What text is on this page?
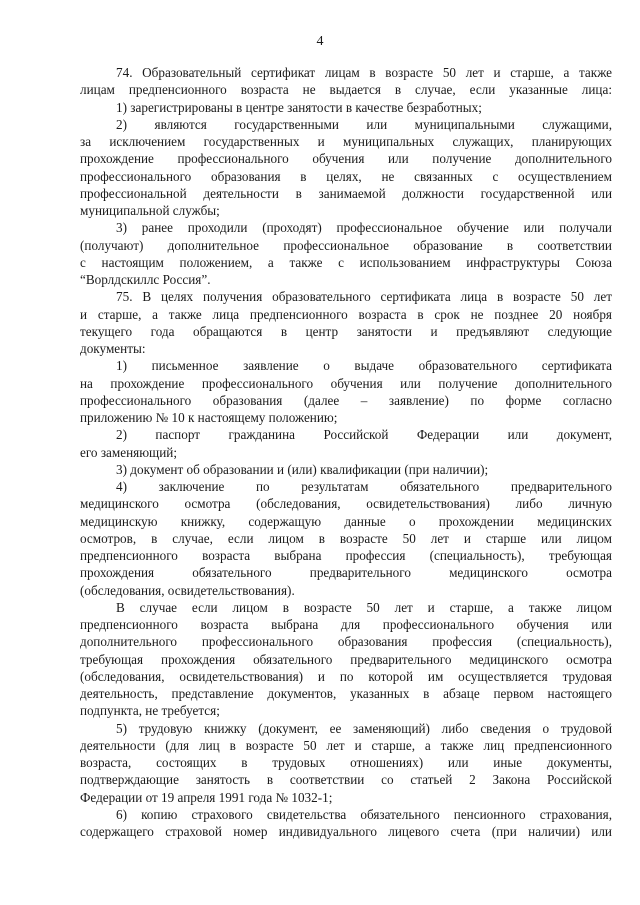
4
74. Образовательный сертификат лицам в возрасте 50 лет и старше, а также
лицам предпенсионного возраста не выдается в случае, если указанные лица:
1) зарегистрированы в центре занятости в качестве безработных;
2) являются государственными или муниципальными служащими,
за исключением государственных и муниципальных служащих, планирующих
прохождение профессионального обучения или получение дополнительного
профессионального образования в целях, не связанных с осуществлением
профессиональной деятельности в занимаемой должности государственной или
муниципальной службы;
3) ранее проходили (проходят) профессиональное обучение или получали
(получают) дополнительное профессиональное образование в соответствии
с настоящим положением, а также с использованием инфраструктуры Союза
“Ворлдскиллс Россия”.
75. В целях получения образовательного сертификата лица в возрасте 50 лет
и старше, а также лица предпенсионного возраста в срок не позднее 20 ноября
текущего года обращаются в центр занятости и предъявляют следующие
документы:
1) письменное заявление о выдаче образовательного сертификата
на прохождение профессионального обучения или получение дополнительного
профессионального образования (далее – заявление) по форме согласно
приложению № 10 к настоящему положению;
2) паспорт гражданина Российской Федерации или документ,
его заменяющий;
3) документ об образовании и (или) квалификации (при наличии);
4) заключение по результатам обязательного предварительного
медицинского осмотра (обследования, освидетельствования) либо личную
медицинскую книжку, содержащую данные о прохождении медицинских
осмотров, в случае, если лицом в возрасте 50 лет и старше или лицом
предпенсионного возраста выбрана профессия (специальность), требующая
прохождения обязательного предварительного медицинского осмотра
(обследования, освидетельствования).
В случае если лицом в возрасте 50 лет и старше, а также лицом
предпенсионного возраста выбрана для профессионального обучения или
дополнительного профессионального образования профессия (специальность),
требующая прохождения обязательного предварительного медицинского осмотра
(обследования, освидетельствования) и по которой им осуществляется трудовая
деятельность, представление документов, указанных в абзаце первом настоящего
подпункта, не требуется;
5) трудовую книжку (документ, ее заменяющий) либо сведения о трудовой
деятельности (для лиц в возрасте 50 лет и старше, а также лиц предпенсионного
возраста, состоящих в трудовых отношениях) или иные документы,
подтверждающие занятость в соответствии со статьей 2 Закона Российской
Федерации от 19 апреля 1991 года № 1032-1;
6) копию страхового свидетельства обязательного пенсионного страхования,
содержащего страховой номер индивидуального лицевого счета (при наличии) или
